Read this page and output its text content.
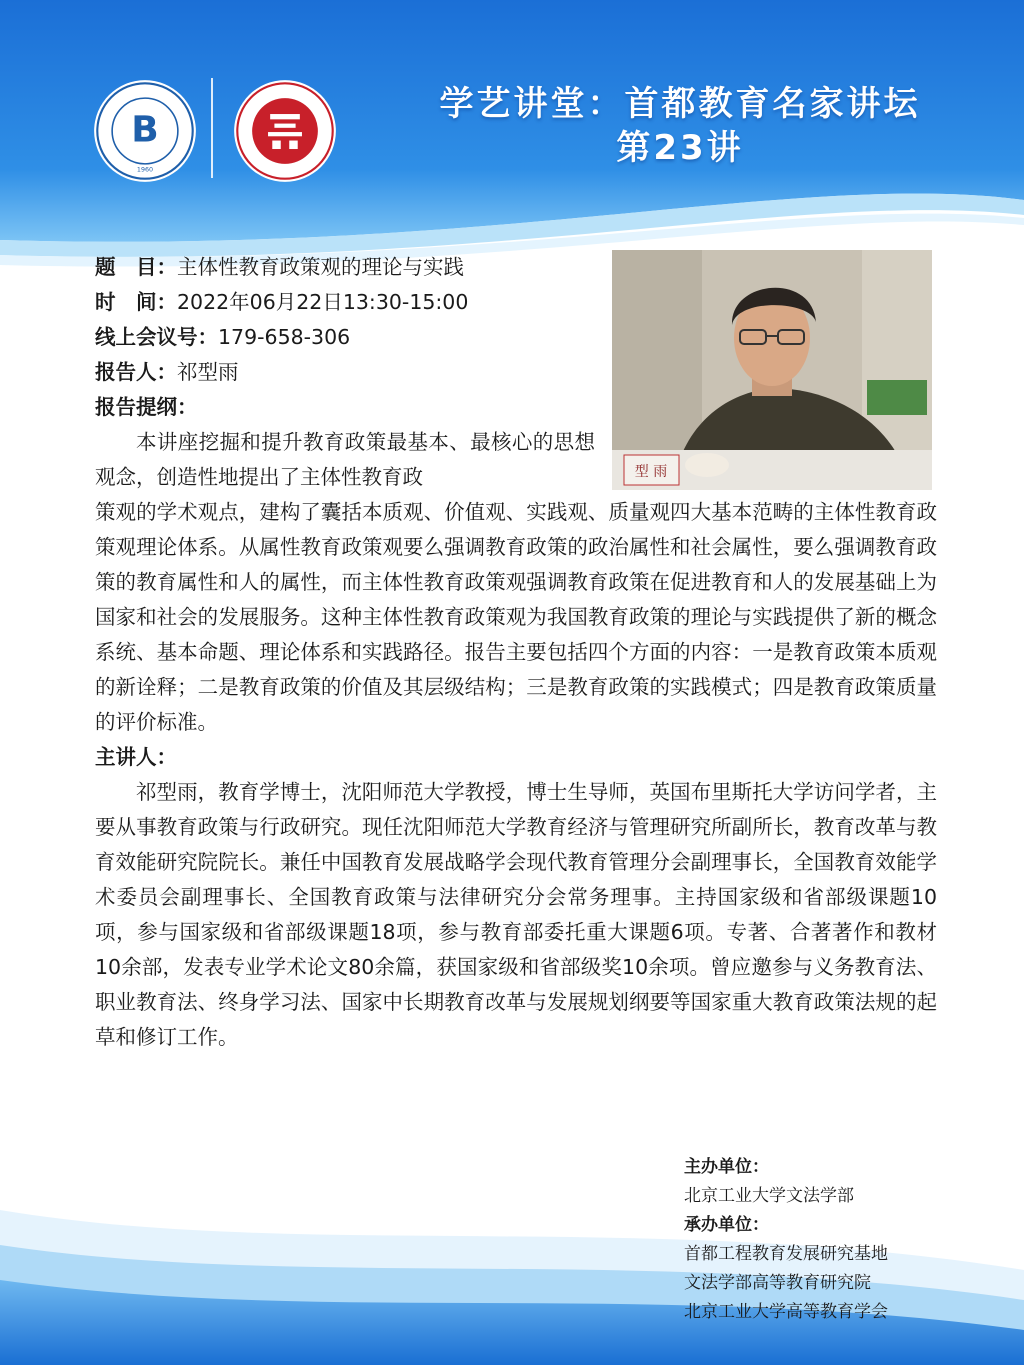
B
1960
学艺讲堂：首都教育名家讲坛
第23讲
型 雨
题　目：主体性教育政策观的理论与实践
时　间：2022年06月22日13:30-15:00
线上会议号：179-658-306
报告人：祁型雨
报告提纲：

本讲座挖掘和提升教育政策最基本、最核心的思想观念，创造性地提出了主体性教育政

策观的学术观点，建构了囊括本质观、价值观、实践观、质量观四大基本范畴的主体性教育政策观理论体系。从属性教育政策观要么强调教育政策的政治属性和社会属性，要么强调教育政策的教育属性和人的属性，而主体性教育政策观强调教育政策在促进教育和人的发展基础上为国家和社会的发展服务。这种主体性教育政策观为我国教育政策的理论与实践提供了新的概念系统、基本命题、理论体系和实践路径。报告主要包括四个方面的内容：一是教育政策本质观的新诠释；二是教育政策的价值及其层级结构；三是教育政策的实践模式；四是教育政策质量的评价标准。

主讲人：

祁型雨，教育学博士，沈阳师范大学教授，博士生导师，英国布里斯托大学访问学者，主要从事教育政策与行政研究。现任沈阳师范大学教育经济与管理研究所副所长，教育改革与教育效能研究院院长。兼任中国教育发展战略学会现代教育管理分会副理事长，全国教育效能学术委员会副理事长、全国教育政策与法律研究分会常务理事。主持国家级和省部级课题10项，参与国家级和省部级课题18项，参与教育部委托重大课题6项。专著、合著著作和教材10余部，发表专业学术论文80余篇，获国家级和省部级奖10余项。曾应邀参与义务教育法、职业教育法、终身学习法、国家中长期教育改革与发展规划纲要等国家重大教育政策法规的起草和修订工作。

主办单位：
北京工业大学文法学部
承办单位：
首都工程教育发展研究基地
文法学部高等教育研究院
北京工业大学高等教育学会
